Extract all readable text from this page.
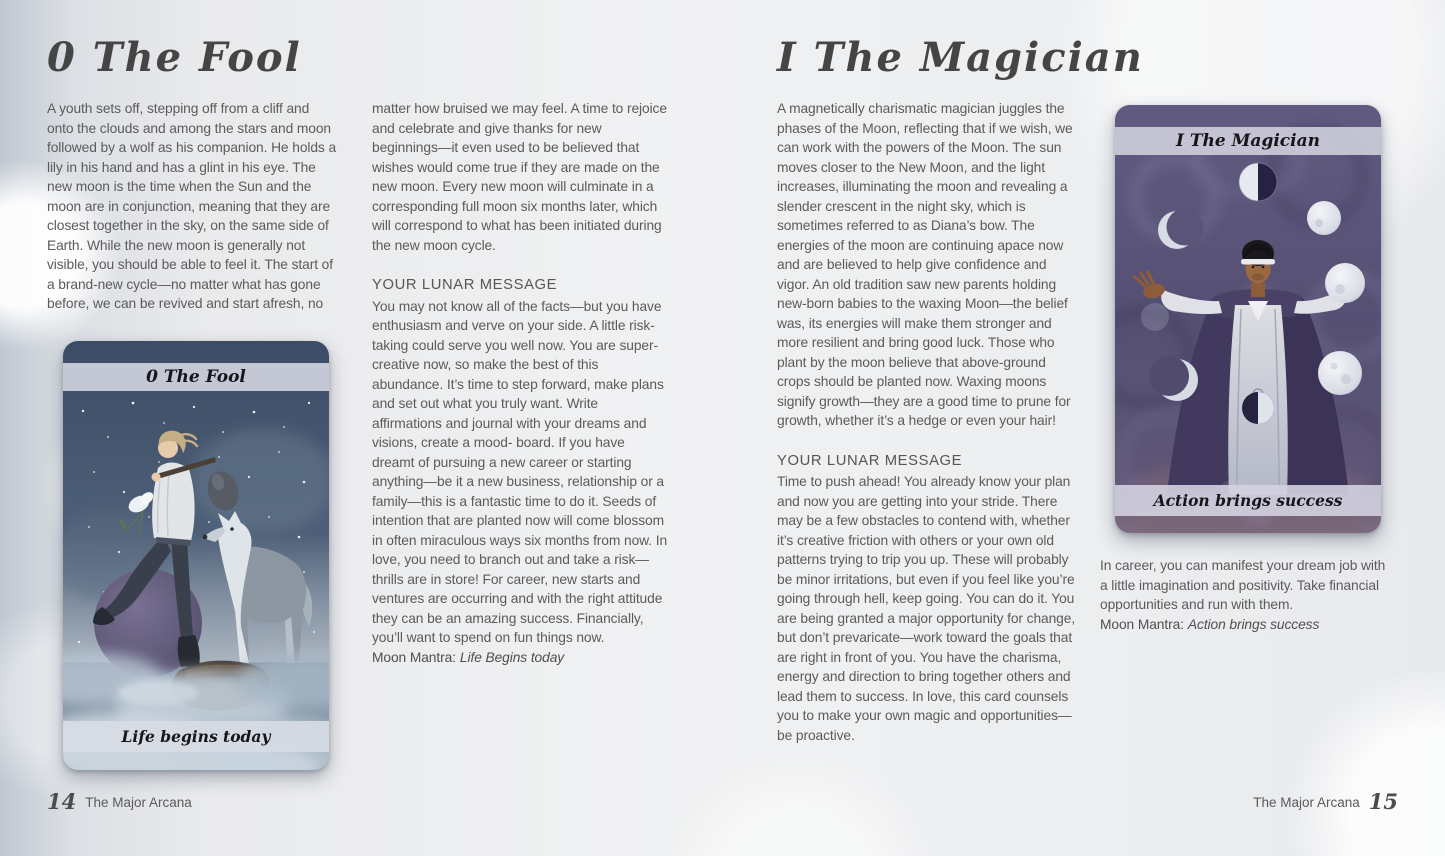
0 The Fool

A youth sets off, stepping off from a cliff and onto the clouds and among the stars and moon followed by a wolf as his companion. He holds a lily in his hand and has a glint in his eye. The new moon is the time when the Sun and the moon are in conjunction, meaning that they are closest together in the sky, on the same side of Earth. While the new moon is generally not visible, you should be able to feel it. The start of a brand-new cycle—no matter what has gone before, we can be revived and start afresh, no

matter how bruised we may feel. A time to rejoice and celebrate and give thanks for new beginnings—it even used to be believed that wishes would come true if they are made on the new moon. Every new moon will culminate in a corresponding full moon six months later, which will correspond to what has been initiated during the new moon cycle.

YOUR LUNAR MESSAGE

You may not know all of the facts—but you have enthusiasm and verve on your side. A little risk-taking could serve you well now. You are super-creative now, so make the best of this abundance. It’s time to step forward, make plans and set out what you truly want. Write affirmations and journal with your dreams and visions, create a mood- board. If you have dreamt of pursuing a new career or starting anything—be it a new business, relationship or a family—this is a fantastic time to do it. Seeds of intention that are planted now will come blossom in often miraculous ways six months from now. In love, you need to branch out and take a risk—thrills are in store! For career, new starts and ventures are occurring and with the right attitude they can be an amazing success. Financially, you’ll want to spend on fun things now.

Moon Mantra: Life Begins today

0 The Fool
Life begins today
14 The Major Arcana
I The Magician

A magnetically charismatic magician juggles the phases of the Moon, reflecting that if we wish, we can work with the powers of the Moon. The sun moves closer to the New Moon, and the light increases, illuminating the moon and revealing a slender crescent in the night sky, which is sometimes referred to as Diana’s bow. The energies of the moon are continuing apace now and are believed to help give confidence and vigor. An old tradition saw new parents holding new-born babies to the waxing Moon—the belief was, its energies will make them stronger and more resilient and bring good luck. Those who plant by the moon believe that above-ground crops should be planted now. Waxing moons signify growth—they are a good time to prune for growth, whether it’s a hedge or even your hair!

YOUR LUNAR MESSAGE

Time to push ahead! You already know your plan and now you are getting into your stride. There may be a few obstacles to contend with, whether it’s creative friction with others or your own old patterns trying to trip you up. These will probably be minor irritations, but even if you feel like you’re going through hell, keep going. You can do it. You are being granted a major opportunity for change, but don’t prevaricate—work toward the goals that are right in front of you. You have the charisma, energy and direction to bring together others and lead them to success. In love, this card counsels you to make your own magic and opportunities—be proactive.

I The Magician
Action brings success

In career, you can manifest your dream job with a little imagination and positivity. Take financial opportunities and run with them.

Moon Mantra: Action brings success

The Major Arcana 15
